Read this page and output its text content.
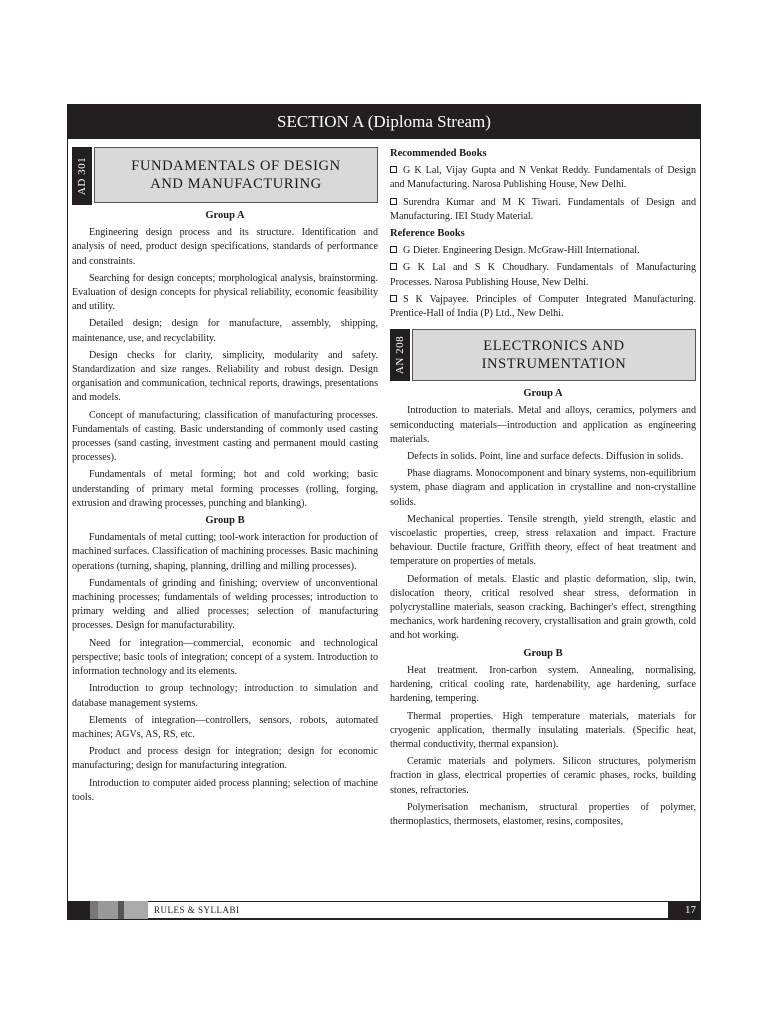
SECTION A (Diploma Stream)
AD 301	FUNDAMENTALS OF DESIGN
AND MANUFACTURING
Group A

Engineering design process and its structure. Identification and analysis of need, product design specifications, standards of performance and constraints.

Searching for design concepts; morphological analysis, brainstorming. Evaluation of design concepts for physical reliability, economic feasibility and utility.

Detailed design; design for manufacture, assembly, shipping, maintenance, use, and recyclability.

Design checks for clarity, simplicity, modularity and safety. Standardization and size ranges. Reliability and robust design. Design organisation and communication, technical reports, drawings, presentations and models.

Concept of manufacturing; classification of manufacturing processes. Fundamentals of casting. Basic understanding of commonly used casting processes (sand casting, investment casting and permanent mould casting processes).

Fundamentals of metal forming; hot and cold working; basic understanding of primary metal forming processes (rolling, forging, extrusion and drawing processes, punching and blanking).

Group B

Fundamentals of metal cutting; tool-work interaction for production of machined surfaces. Classification of machining processes. Basic machining operations (turning, shaping, planning, drilling and milling processes).

Fundamentals of grinding and finishing; overview of unconventional machining processes; fundamentals of welding processes; introduction to primary welding and allied processes; selection of manufacturing processes. Design for manufacturability.

Need for integration—commercial, economic and technological perspective; basic tools of integration; concept of a system. Introduction to information technology and its elements.

Introduction to group technology; introduction to simulation and database management systems.

Elements of integration—controllers, sensors, robots, automated machines; AGVs, AS, RS, etc.

Product and process design for integration; design for economic manufacturing; design for manufacturing integration.

Introduction to computer aided process planning; selection of machine tools.

Recommended Books

G K Lal, Vijay Gupta and N Venkat Reddy. Fundamentals of Design and Manufacturing. Narosa Publishing House, New Delhi.

Surendra Kumar and M K Tiwari. Fundamentals of Design and Manufacturing. IEI Study Material.

Reference Books

G Dieter. Engineering Design. McGraw-Hill International.

G K Lal and S K Choudhary. Fundamentals of Manufacturing Processes. Narosa Publishing House, New Delhi.

S K Vajpayee. Principles of Computer Integrated Manufacturing. Prentice-Hall of India (P) Ltd., New Delhi.

AN 208	ELECTRONICS AND
INSTRUMENTATION
Group A

Introduction to materials. Metal and alloys, ceramics, polymers and semiconducting materials—introduction and application as engineering materials.

Defects in solids. Point, line and surface defects. Diffusion in solids.

Phase diagrams. Monocomponent and binary systems, non-equilibrium system, phase diagram and application in crystalline and non-crystalline solids.

Mechanical properties. Tensile strength, yield strength, elastic and viscoelastic properties, creep, stress relaxation and impact. Fracture behaviour. Ductile fracture, Griffith theory, effect of heat treatment and temperature on properties of metals.

Deformation of metals. Elastic and plastic deformation, slip, twin, dislocation theory, critical resolved shear stress, deformation in polycrystalline materials, season cracking, Bachinger's effect, strengthing mechanics, work hardening recovery, crystallisation and grain growth, cold and hot working.

Group B

Heat treatment. Iron-carbon system. Annealing, normalising, hardening, critical cooling rate, hardenability, age hardening, surface hardening, tempering.

Thermal properties. High temperature materials, materials for cryogenic application, thermally insulating materials. (Specific heat, thermal conductivity, thermal expansion).

Ceramic materials and polymers. Silicon structures, polymerism fraction in glass, electrical properties of ceramic phases, rocks, building stones, refractories.

Polymerisation mechanism, structural properties of polymer, thermoplastics, thermosets, elastomer, resins, composites,

RULES & SYLLABI	17
